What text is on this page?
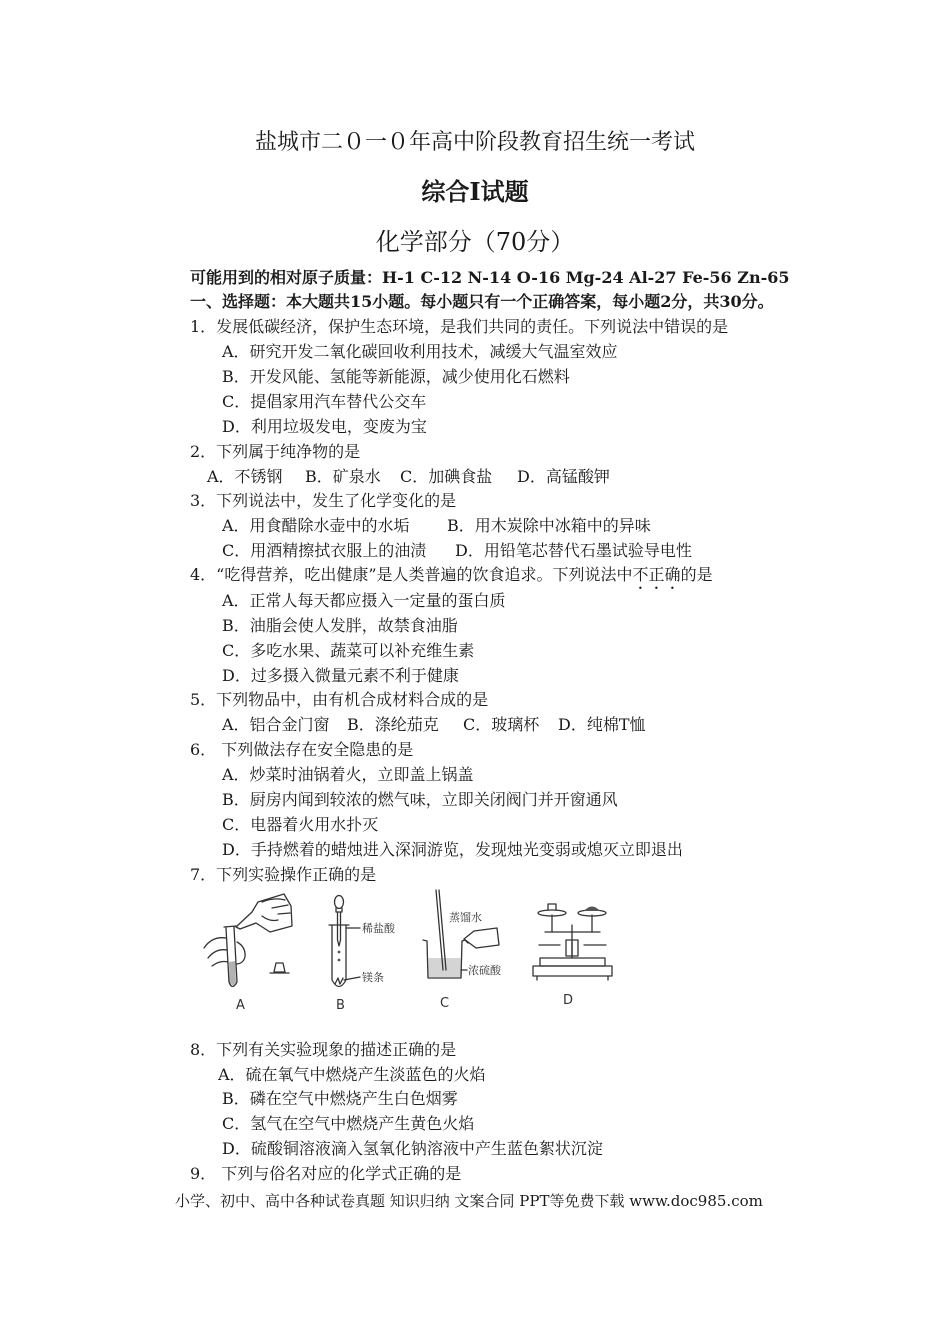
盐城市二０一０年高中阶段教育招生统一考试
综合Ⅰ试题
化学部分（70分）
可能用到的相对原子质量：H-1 C-12 N-14 O-16 Mg-24 Al-27 Fe-56 Zn-65
一、选择题：本大题共15小题。每小题只有一个正确答案，每小题2分，共30分。
1．发展低碳经济，保护生态环境，是我们共同的责任。下列说法中错误的是
A．研究开发二氧化碳回收利用技术，减缓大气温室效应
B．开发风能、氢能等新能源，减少使用化石燃料
C．提倡家用汽车替代公交车
D．利用垃圾发电，变废为宝
2．下列属于纯净物的是
A．不锈钢 B．矿泉水 C．加碘食盐 D．高锰酸钾
3．下列说法中，发生了化学变化的是
A．用食醋除水壶中的水垢 B．用木炭除中冰箱中的异味
C．用酒精擦拭衣服上的油渍 D．用铅笔芯替代石墨试验导电性
4．“吃得营养，吃出健康”是人类普遍的饮食追求。下列说法中不正确的是
A．正常人每天都应摄入一定量的蛋白质
B．油脂会使人发胖，故禁食油脂
C．多吃水果、蔬菜可以补充维生素
D．过多摄入微量元素不利于健康
5．下列物品中，由有机合成材料合成的是
A．铝合金门窗 B．涤纶茄克 C．玻璃杯 D．纯棉T恤
6． 下列做法存在安全隐患的是
A．炒菜时油锅着火，立即盖上锅盖
B．厨房内闻到较浓的燃气味，立即关闭阀门并开窗通风
C．电器着火用水扑灭
D．手持燃着的蜡烛进入深洞游览，发现烛光变弱或熄灭立即退出
7．下列实验操作正确的是
A
稀盐酸
镁条
B
蒸馏水
浓硫酸
C	D
8．下列有关实验现象的描述正确的是
A．硫在氧气中燃烧产生淡蓝色的火焰
B．磷在空气中燃烧产生白色烟雾
C．氢气在空气中燃烧产生黄色火焰
D．硫酸铜溶液滴入氢氧化钠溶液中产生蓝色絮状沉淀
9． 下列与俗名对应的化学式正确的是
小学、初中、高中各种试卷真题 知识归纳 文案合同 PPT等免费下载 www.doc985.com
